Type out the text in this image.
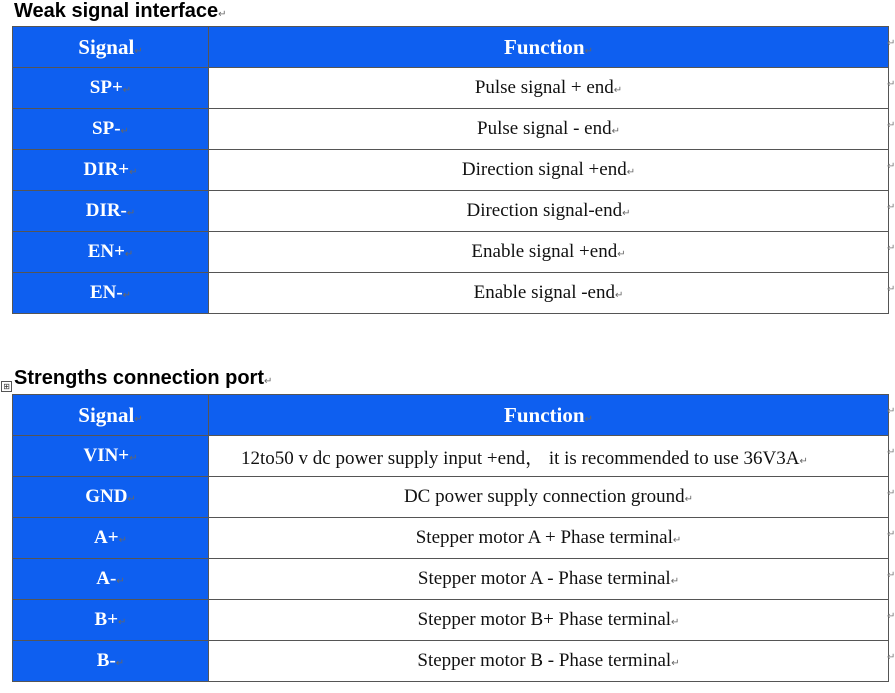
Weak signal interface↵
Signal↵	Function↵
SP+↵	Pulse signal + end↵
SP-↵	Pulse signal - end↵
DIR+↵	Direction signal +end↵
DIR-↵	Direction signal-end↵
EN+↵	Enable signal +end↵
EN-↵	Enable signal -end↵
↵
↵
↵
↵
↵
↵
↵
⊞ Strengths connection port↵
Signal↵	Function↵
VIN+↵	12to50 v dc power supply input +end， it is recommended to use 36V3A↵
GND↵	DC power supply connection ground↵
A+↵	Stepper motor A + Phase terminal↵
A-↵	Stepper motor A - Phase terminal↵
B+↵	Stepper motor B+ Phase terminal↵
B-↵	Stepper motor B - Phase terminal↵
↵
↵
↵
↵
↵
↵
↵
